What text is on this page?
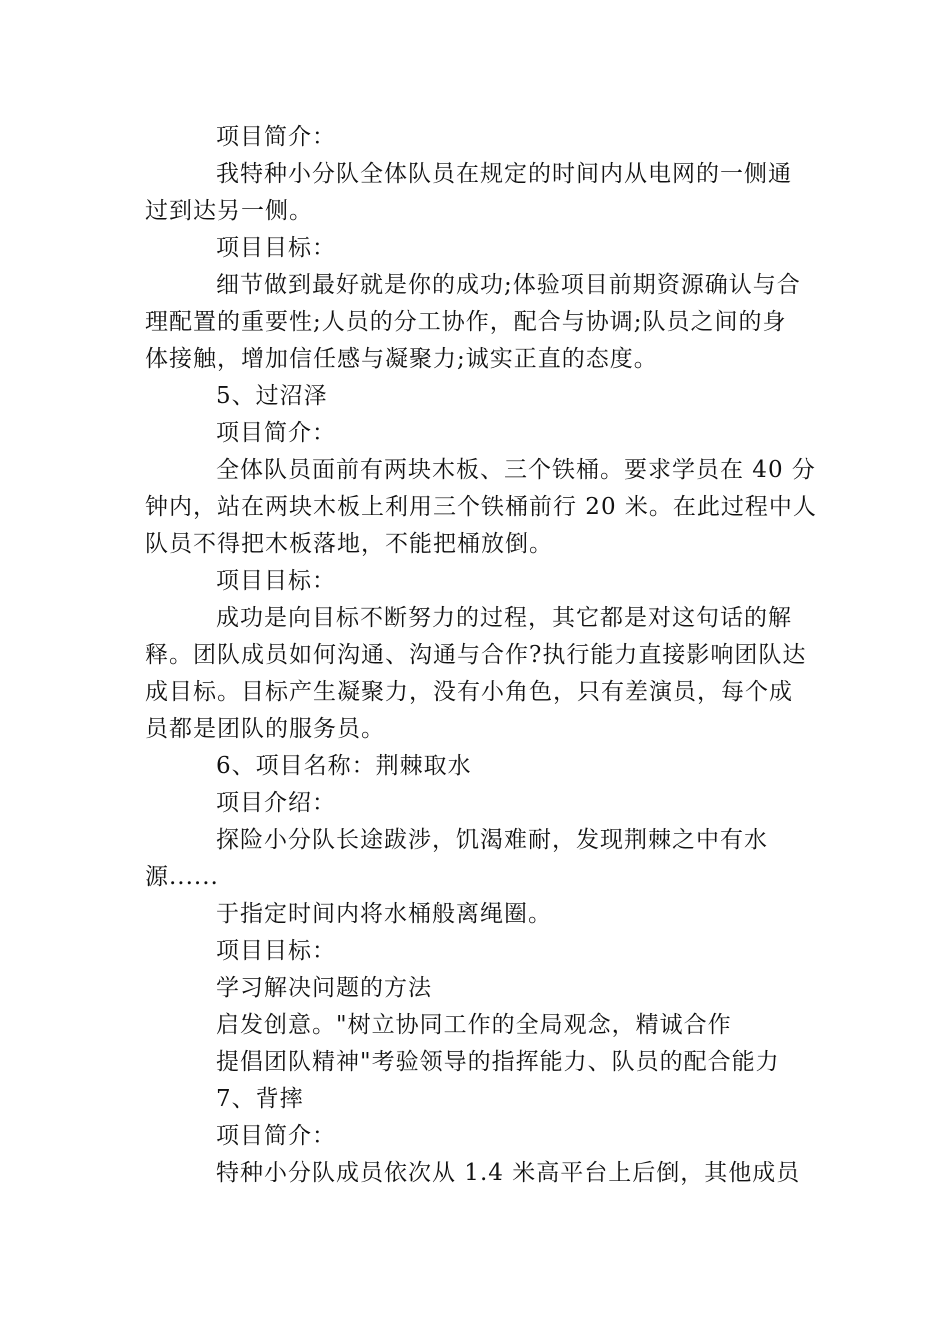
项目简介：
我特种小分队全体队员在规定的时间内从电网的一侧通
过到达另一侧。
项目目标：
细节做到最好就是你的成功;体验项目前期资源确认与合
理配置的重要性;人员的分工协作，配合与协调;队员之间的身
体接触，增加信任感与凝聚力;诚实正直的态度。
5、过沼泽
项目简介：
全体队员面前有两块木板、三个铁桶。要求学员在 40 分
钟内，站在两块木板上利用三个铁桶前行 20 米。在此过程中人
队员不得把木板落地，不能把桶放倒。
项目目标：
成功是向目标不断努力的过程，其它都是对这句话的解
释。团队成员如何沟通、沟通与合作?执行能力直接影响团队达
成目标。目标产生凝聚力，没有小角色，只有差演员，每个成
员都是团队的服务员。
6、项目名称：荆棘取水
项目介绍：
探险小分队长途跋涉，饥渴难耐，发现荆棘之中有水
源......
于指定时间内将水桶般离绳圈。
项目目标：
学习解决问题的方法
启发创意。"树立协同工作的全局观念，精诚合作
提倡团队精神"考验领导的指挥能力、队员的配合能力
7、背摔
项目简介：
特种小分队成员依次从 1.4 米高平台上后倒，其他成员
